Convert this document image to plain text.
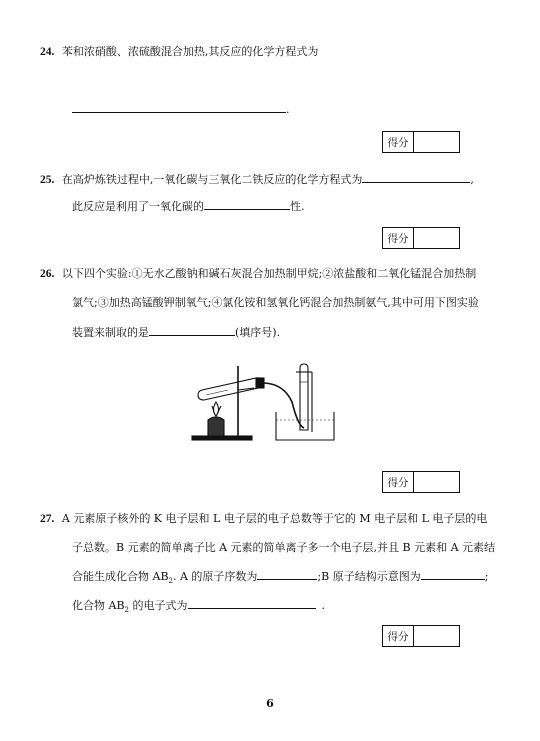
24. 苯和浓硝酸、浓硫酸混合加热,其反应的化学方程式为
.
得分
25. 在高炉炼铁过程中,一氧化碳与三氧化二铁反应的化学方程式为	,
此反应是利用了一氧化碳的	性.
得分
26. 以下四个实验:①无水乙酸钠和碱石灰混合加热制甲烷;②浓盐酸和二氧化锰混合加热制
氯气;③加热高锰酸钾制氧气;④氯化铵和氢氧化钙混合加热制氨气,其中可用下图实验
装置来制取的是	(填序号).
得分
27. A 元素原子核外的 K 电子层和 L 电子层的电子总数等于它的 M 电子层和 L 电子层的电
子总数。B 元素的简单离子比 A 元素的简单离子多一个电子层,并且 B 元素和 A 元素结
合能生成化合物 $AB_2$. A 的原子序数为	;B 原子结构示意图为	;
化合物 $AB_2$ 的电子式为	.
得分
6
